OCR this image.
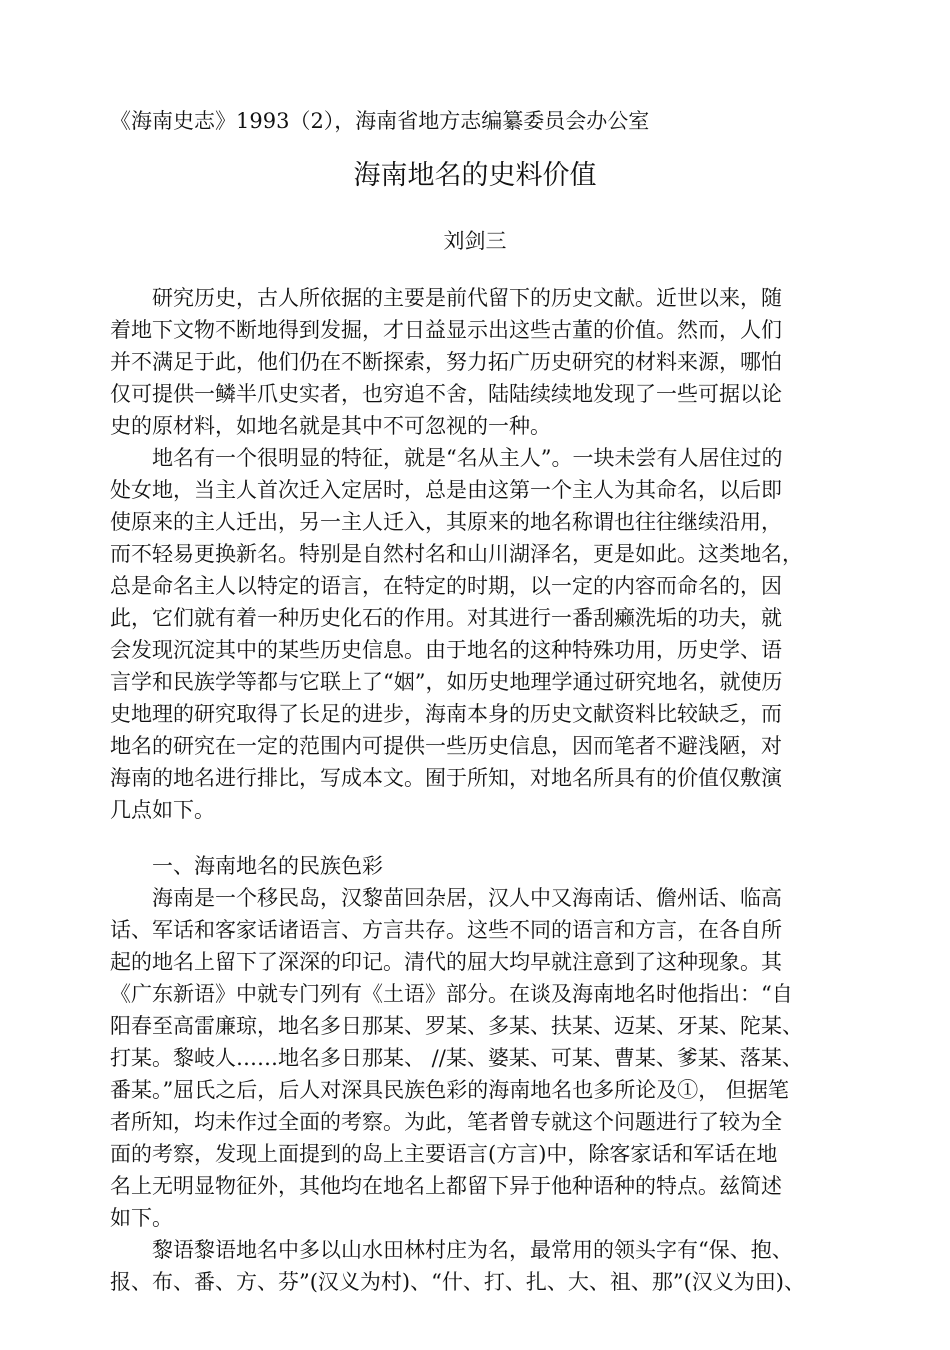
《海南史志》1993（2），海南省地方志编纂委员会办公室
海南地名的史料价值
刘剑三
研究历史，古人所依据的主要是前代留下的历史文献。近世以来，随
着地下文物不断地得到发掘，才日益显示出这些古董的价值。然而，人们
并不满足于此，他们仍在不断探索，努力拓广历史研究的材料来源，哪怕
仅可提供一鳞半爪史实者，也穷追不舍，陆陆续续地发现了一些可据以论
史的原材料，如地名就是其中不可忽视的一种。
地名有一个很明显的特征，就是“名从主人”。一块未尝有人居住过的
处女地，当主人首次迁入定居时，总是由这第一个主人为其命名，以后即
使原来的主人迁出，另一主人迁入，其原来的地名称谓也往往继续沿用，
而不轻易更换新名。特别是自然村名和山川湖泽名，更是如此。这类地名，
总是命名主人以特定的语言，在特定的时期，以一定的内容而命名的，因
此，它们就有着一种历史化石的作用。对其进行一番刮癞洗垢的功夫，就
会发现沉淀其中的某些历史信息。由于地名的这种特殊功用，历史学、语
言学和民族学等都与它联上了“姻”，如历史地理学通过研究地名，就使历
史地理的研究取得了长足的进步，海南本身的历史文献资料比较缺乏，而
地名的研究在一定的范围内可提供一些历史信息，因而笔者不避浅陋，对
海南的地名进行排比，写成本文。囿于所知，对地名所具有的价值仅敷演
几点如下。
一、海南地名的民族色彩
海南是一个移民岛，汉黎苗回杂居，汉人中又海南话、儋州话、临高
话、军话和客家话诸语言、方言共存。这些不同的语言和方言，在各自所
起的地名上留下了深深的印记。清代的屈大均早就注意到了这种现象。其
《广东新语》中就专门列有《土语》部分。在谈及海南地名时他指出：“自
阳春至高雷廉琼，地名多日那某、罗某、多某、扶某、迈某、牙某、陀某、
打某。黎岐人……地名多日那某、 //某、婆某、可某、曹某、爹某、落某、
番某。”屈氏之后，后人对深具民族色彩的海南地名也多所论及①， 但据笔
者所知，均未作过全面的考察。为此，笔者曾专就这个问题进行了较为全
面的考察，发现上面提到的岛上主要语言(方言)中，除客家话和军话在地
名上无明显物征外，其他均在地名上都留下异于他种语种的特点。兹简述
如下。
黎语黎语地名中多以山水田林村庄为名，最常用的领头字有“保、抱、
报、布、番、方、芬”(汉义为村)、“什、打、扎、大、祖、那”(汉义为田)、
